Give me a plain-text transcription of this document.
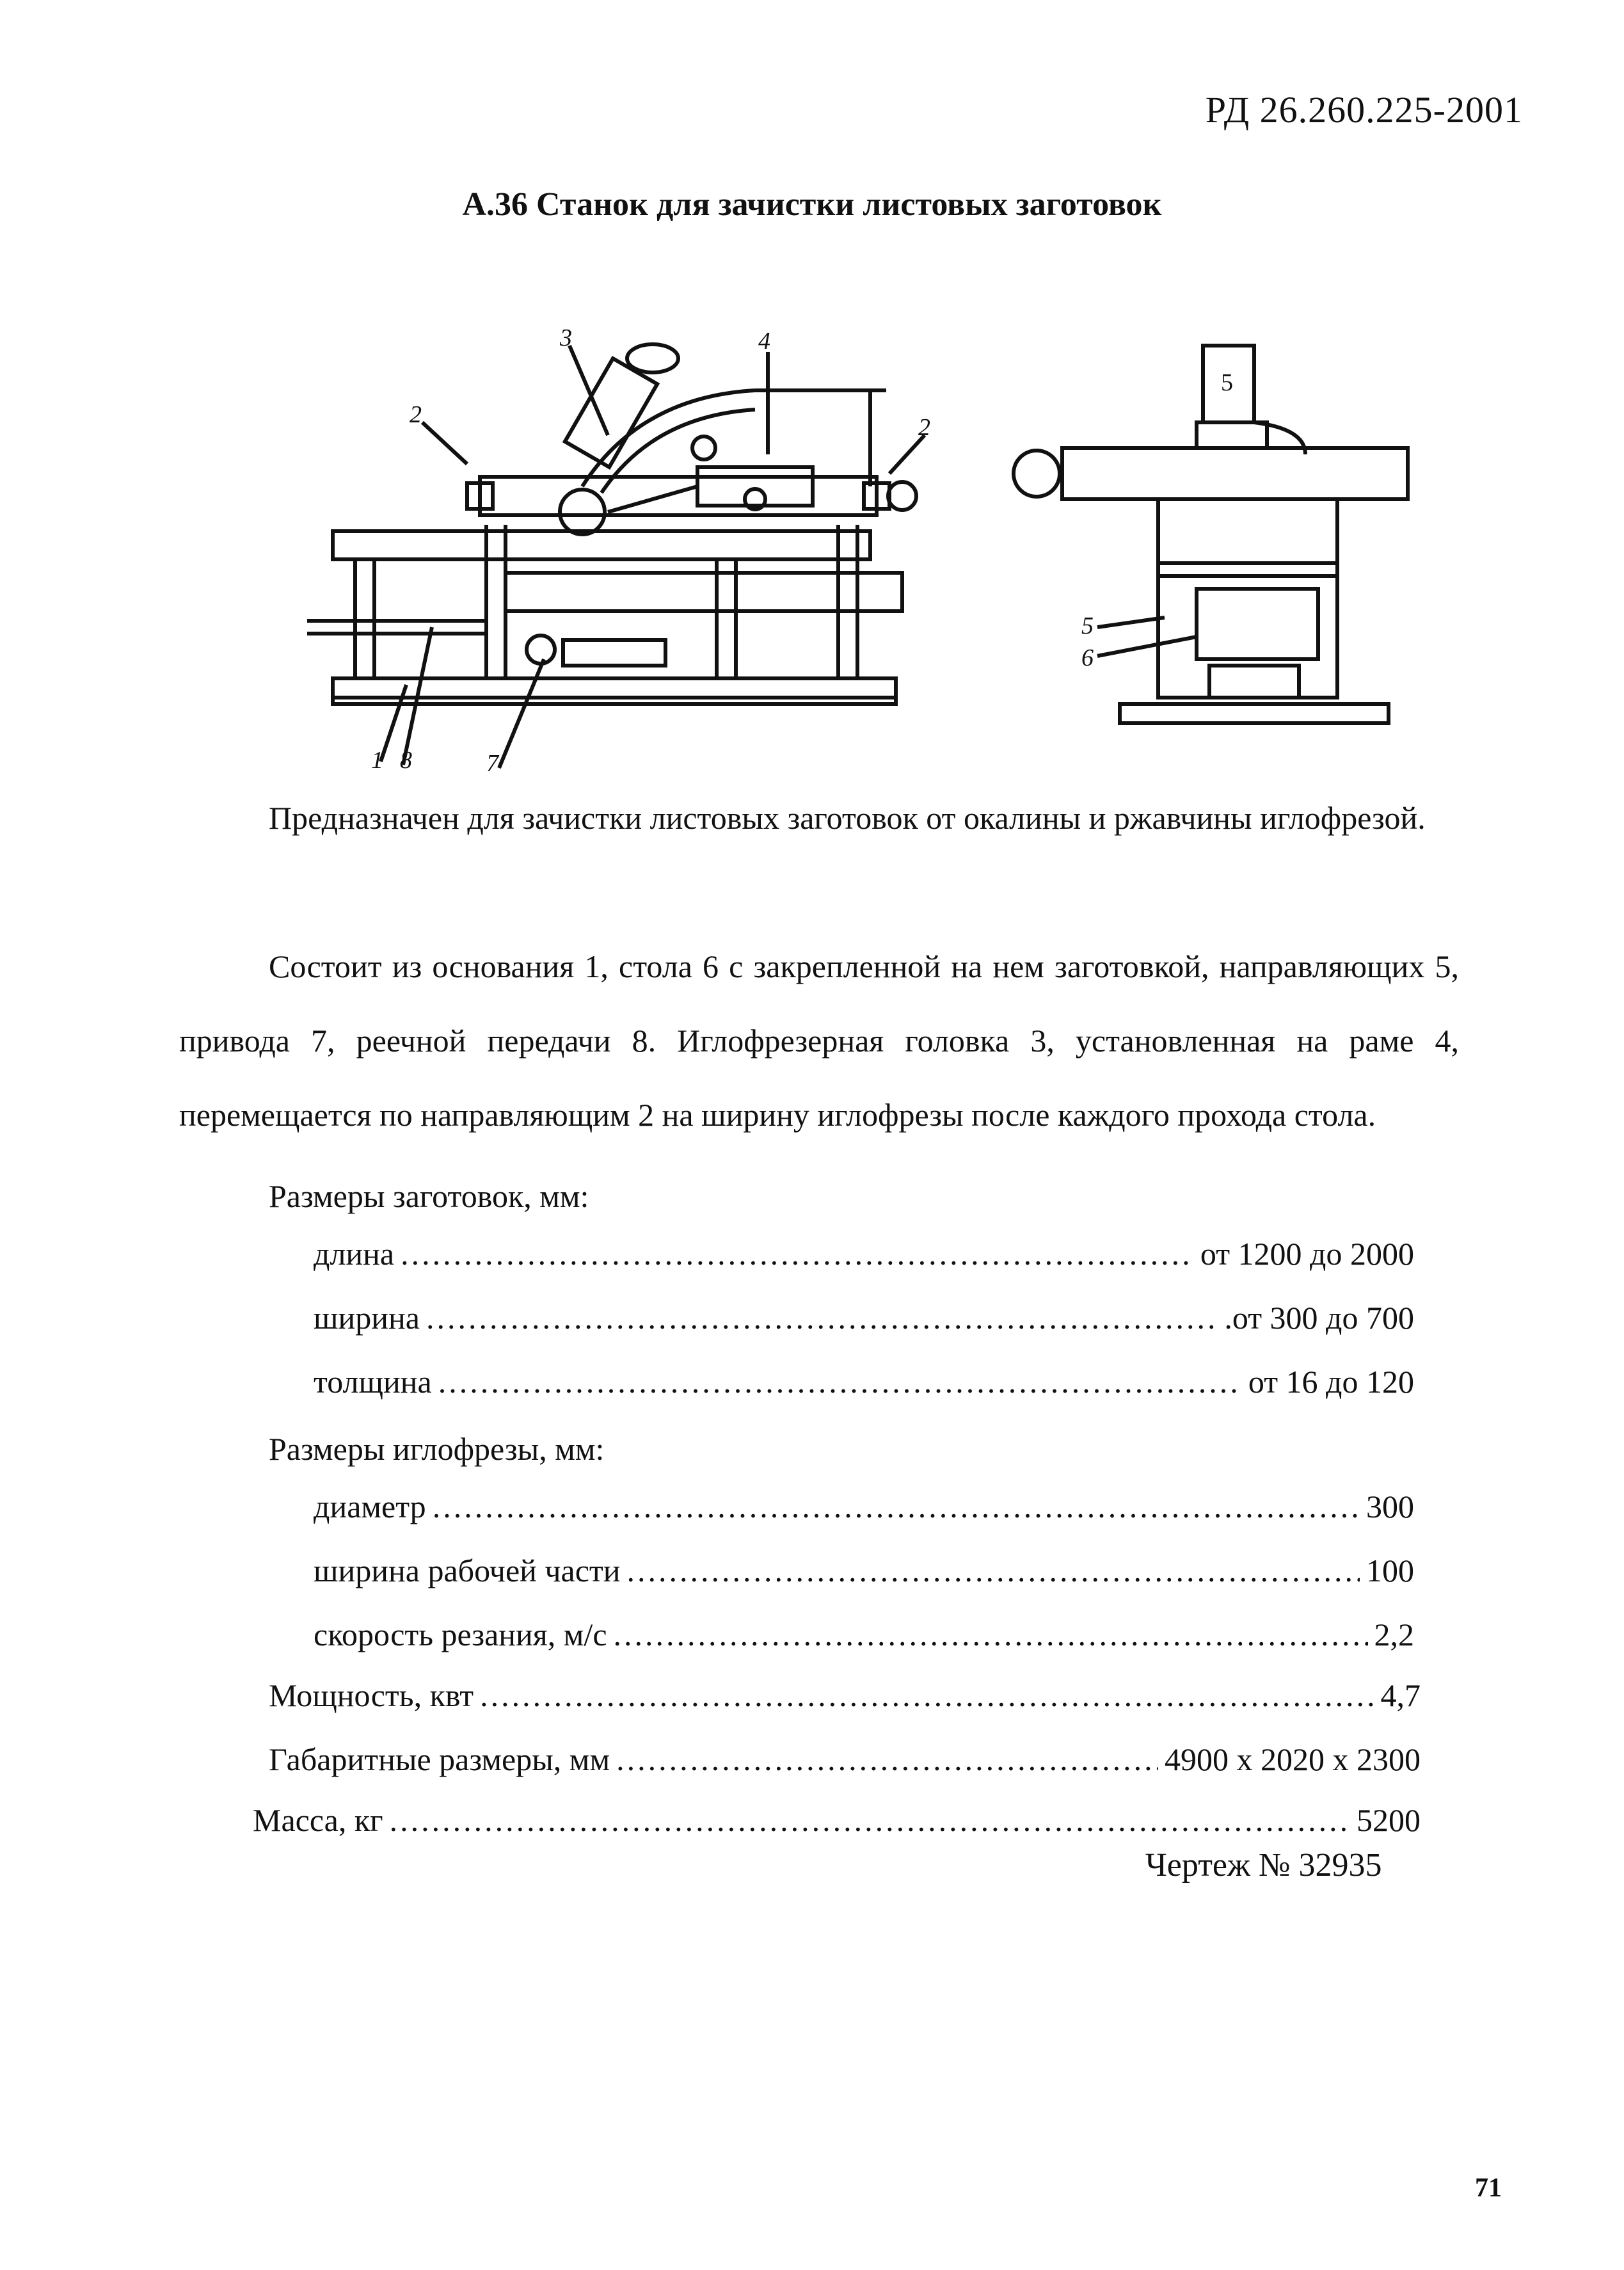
РД 26.260.225-2001
А.36 Станок для зачистки листовых заготовок
2
3	4
2
1 8	7
5
6
5
Предназначен для зачистки листовых заготовок от окалины и ржавчины иглофрезой.
Состоит из основания 1, стола 6 с закрепленной на нем заготовкой, направляющих 5, привода 7, реечной передачи 8. Иглофрезерная головка 3, установленная на раме 4, перемещается по направляющим 2 на ширину иглофрезы после каждого прохода стола.
Размеры заготовок, мм:
длина .....	от 1200 до 2000
ширина .....	.от 300 до 700
толщина .....	от 16 до 120
Размеры иглофрезы, мм:
диаметр .....	300
ширина рабочей части .....	100
скорость резания, м/с .....	2,2
Мощность, квт .....	4,7
Габаритные размеры, мм .....	4900 х 2020 х 2300
Масса, кг .....	5200
Чертеж № 32935
71
